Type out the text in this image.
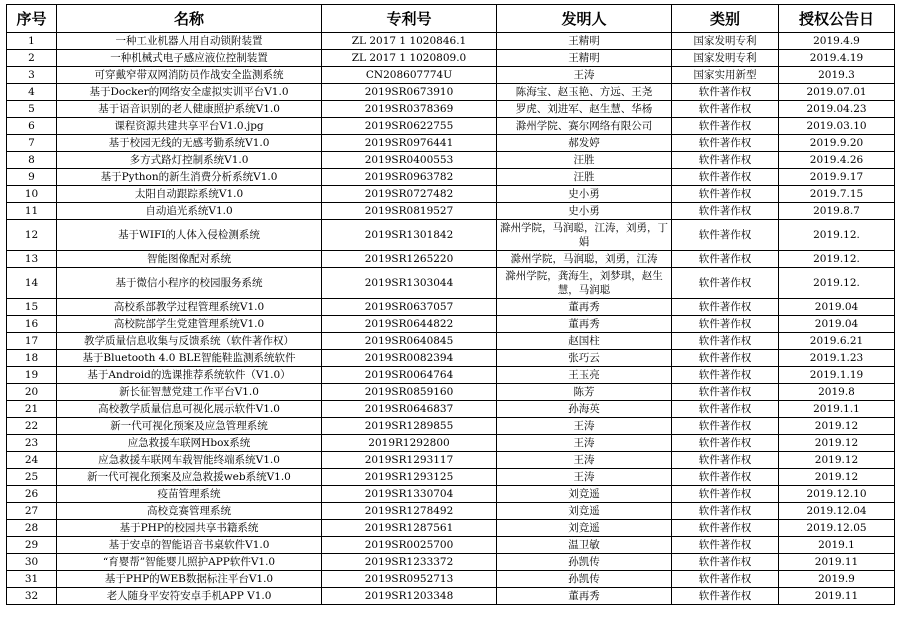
序号	名称	专利号	发明人	类别	授权公告日
1	一种工业机器人用自动锁附装置	ZL 2017 1 1020846.1	王精明	国家发明专利	2019.4.9
2	一种机械式电子感应液位控制装置	ZL 2017 1 1020809.0	王精明	国家发明专利	2019.4.19
3	可穿戴窄带双网消防员作战安全监测系统	CN208607774U	王涛	国家实用新型	2019.3
4	基于Docker的网络安全虚拟实训平台V1.0	2019SR0673910	陈海宝、赵玉艳、方远、王尧	软件著作权	2019.07.01
5	基于语音识别的老人健康照护系统V1.0	2019SR0378369	罗虎、刘进军、赵生慧、华杨	软件著作权	2019.04.23
6	课程资源共建共享平台V1.0.jpg	2019SR0622755	滁州学院、赛尔网络有限公司	软件著作权	2019.03.10
7	基于校园无线的无感考勤系统V1.0	2019SR0976441	郝发婷	软件著作权	2019.9.20
8	多方式路灯控制系统V1.0	2019SR0400553	汪胜	软件著作权	2019.4.26
9	基于Python的新生消费分析系统V1.0	2019SR0963782	汪胜	软件著作权	2019.9.17
10	太阳自动跟踪系统V1.0	2019SR0727482	史小勇	软件著作权	2019.7.15
11	自动追光系统V1.0	2019SR0819527	史小勇	软件著作权	2019.8.7
12	基于WIFI的人体入侵检测系统	2019SR1301842	滁州学院，马润聪，江涛，刘勇，丁娟	软件著作权	2019.12.
13	智能图像配对系统	2019SR1265220	滁州学院，马润聪，刘勇，江涛	软件著作权	2019.12.
14	基于微信小程序的校园服务系统	2019SR1303044	滁州学院，龚海生，刘梦琪，赵生慧，马润聪	软件著作权	2019.12.
15	高校系部教学过程管理系统V1.0	2019SR0637057	董再秀	软件著作权	2019.04
16	高校院部学生党建管理系统V1.0	2019SR0644822	董再秀	软件著作权	2019.04
17	教学质量信息收集与反馈系统（软件著作权）	2019SR0640845	赵国柱	软件著作权	2019.6.21
18	基于Bluetooth 4.0 BLE智能鞋监测系统软件	2019SR0082394	张巧云	软件著作权	2019.1.23
19	基于Android的选课推荐系统软件（V1.0）	2019SR0064764	王玉亮	软件著作权	2019.1.19
20	新长征智慧党建工作平台V1.0	2019SR0859160	陈芳	软件著作权	2019.8
21	高校教学质量信息可视化展示软件V1.0	2019SR0646837	孙海英	软件著作权	2019.1.1
22	新一代可视化预案及应急管理系统	2019SR1289855	王涛	软件著作权	2019.12
23	应急救援车联网Hbox系统	2019R1292800	王涛	软件著作权	2019.12
24	应急救援车联网车载智能终端系统V1.0	2019SR1293117	王涛	软件著作权	2019.12
25	新一代可视化预案及应急救援web系统V1.0	2019SR1293125	王涛	软件著作权	2019.12
26	疫苗管理系统	2019SR1330704	刘竞遥	软件著作权	2019.12.10
27	高校竞赛管理系统	2019SR1278492	刘竞遥	软件著作权	2019.12.04
28	基于PHP的校园共享书籍系统	2019SR1287561	刘竞遥	软件著作权	2019.12.05
29	基于安卓的智能语音书桌软件V1.0	2019SR0025700	温卫敏	软件著作权	2019.1
30	“育婴帮”智能婴儿照护APP软件V1.0	2019SR1233372	孙凯传	软件著作权	2019.11
31	基于PHP的WEB数据标注平台V1.0	2019SR0952713	孙凯传	软件著作权	2019.9
32	老人随身平安符安卓手机APP V1.0	2019SR1203348	董再秀	软件著作权	2019.11
